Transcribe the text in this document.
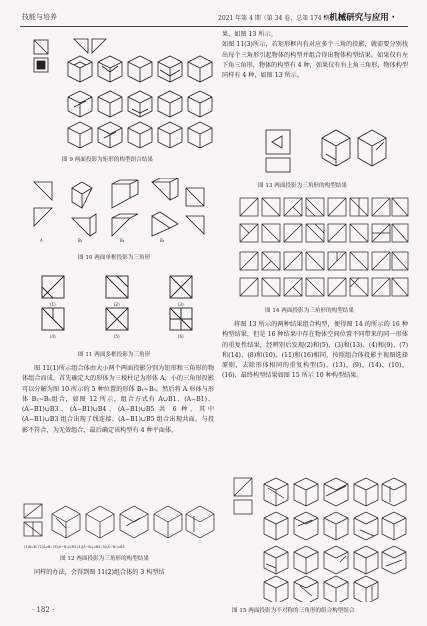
技能与培养	2021 年第 4 期（第 34 卷，总第 174 期）
· 机械研究与应用 ·
图 9 两面投影为矩形的构型组合结果
A	B₁	B₂	B₃
图 10 两面单框投影为三角形
(1)	(2)	(3)
(4)	(5)	(6)
图 11 两面多框投影为三角形
图 11(1)所示组合体由大小两个两面投影分别为矩形和三角形的物体组合而成。首先确定大的形体为三棱柱记为形体 A，小的三角形投影可以分解为图 10 所示的 5 种位置的形体 B₁~B₅。然后将 A 形体与形体 B₁~B₅组合，如图 12 所示，组合方式有 A∪B1、(A−B1)、(A−B1)∪B3、(A−B1)∪B4、(A−B1)∪B5 共 6 种，其中(A−B1)∪B3 组合出现了线连接、(A−B1)∪B5 组合出现共面，与投影不符合，为无效组合，最后确定该构型有 4 种平面体。
(1)A∪B₁ (2)A∪B₂ (3)(A−B₁)∪B3 (4)(A−B₁)∪B4 (5)(A−B₁)∪B5
图 12 两面投影为三角形的构型结果
同样的办法，会得到图 11(2)组合体的 3 构型结
· 182 ·
果，如图 13 所示。
如图 11(3)所示，若矩形框内有对应多个三角的投影，就需要分别找出每个三角形引起物体的构型并组合得出物体构型结果。如果仅有左下角三角形，物体的构型有 4 种，如果仅有右上角三角形，物体构型同样有 4 种，如图 13 所示。
图 13 两面投影为三角形的构型结果
图 14 两面投影为三角形的构型结果
将图 13 所示的两种结果组合构型，便得图 14 的所示的 16 种构型结果，但是 16 种结果中存在物体空间位置不同带来的同一形体的重复性结果，经辨别后发现(2)和(5)、(3)和(13)、(4)和(9)、(7)和(14)、(8)和(10)、(11)和(16)相同，按照组合体投影主视图选择原则，去除形体相同的重复构型(5)、(13)、(9)、(14)、(10)、(16)，最终构型结果如图 15 所示 10 种构型结果。
图 15 两面投影为不对称的三角形的组合构型组合
